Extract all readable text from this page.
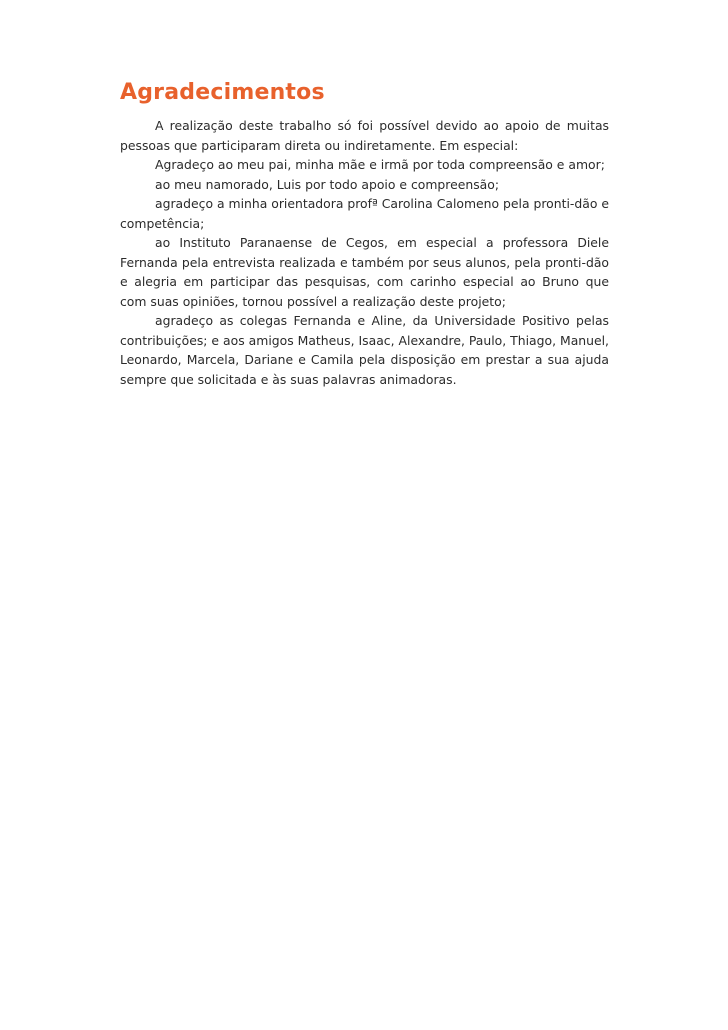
Agradecimentos

A realização deste trabalho só foi possível devido ao apoio de muitas pessoas que participaram direta ou indiretamente. Em especial:

Agradeço ao meu pai, minha mãe e irmã por toda compreensão e amor;

ao meu namorado, Luis por todo apoio e compreensão;

agradeço a minha orientadora profª Carolina Calomeno pela pronti-dão e competência;

ao Instituto Paranaense de Cegos, em especial a professora Diele Fernanda pela entrevista realizada e também por seus alunos, pela pronti-dão e alegria em participar das pesquisas, com carinho especial ao Bruno que com suas opiniões, tornou possível a realização deste projeto;

agradeço as colegas Fernanda e Aline, da Universidade Positivo pelas contribuições; e aos amigos Matheus, Isaac, Alexandre, Paulo, Thiago, Manuel, Leonardo, Marcela, Dariane e Camila pela disposição em prestar a sua ajuda sempre que solicitada e às suas palavras animadoras.
